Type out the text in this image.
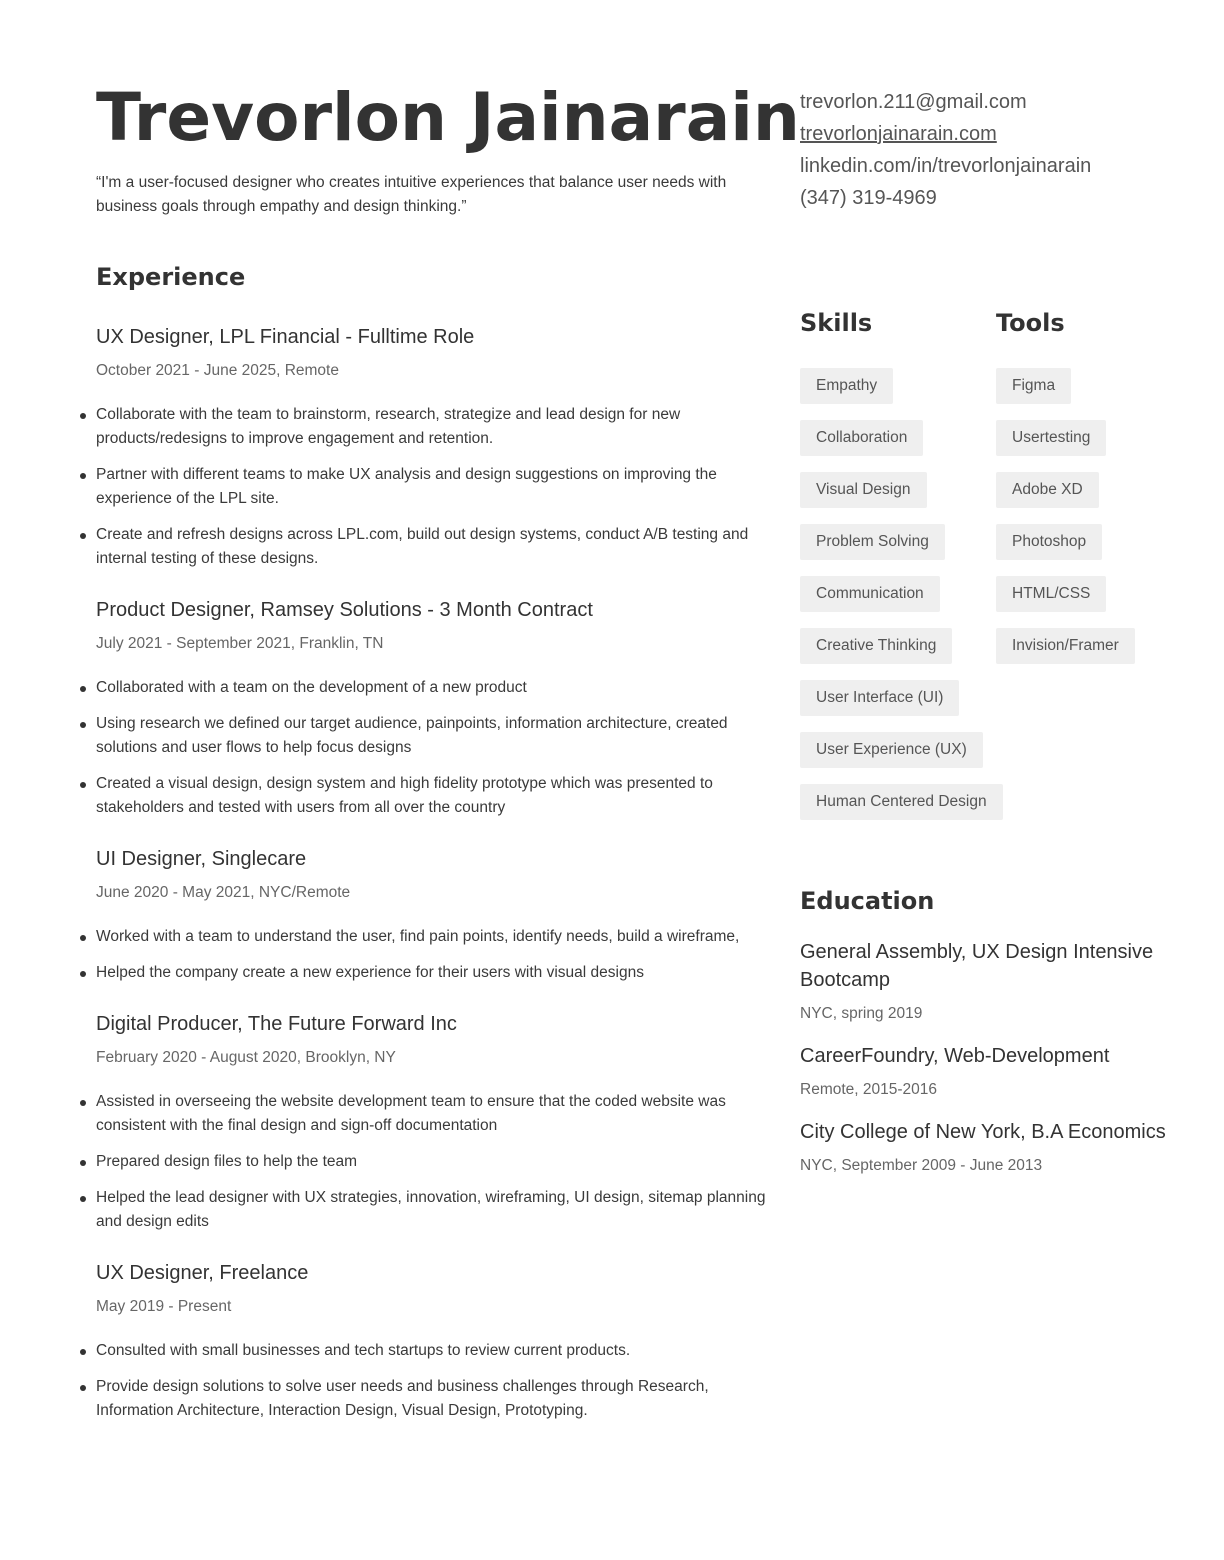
Trevorlon Jainarain

“I'm a user-focused designer who creates intuitive experiences that balance user needs with business goals through empathy and design thinking.”

trevorlon.211@gmail.com
trevorlonjainarain.com
linkedin.com/in/trevorlonjainarain
(347) 319-4969
Experience

UX Designer, LPL Financial - Fulltime Role

October 2021 - June 2025, Remote
Collaborate with the team to brainstorm, research, strategize and lead design for new products/redesigns to improve engagement and retention.
Partner with different teams to make UX analysis and design suggestions on improving the experience of the LPL site.
Create and refresh designs across LPL.com, build out design systems, conduct A/B testing and internal testing of these designs.

Product Designer, Ramsey Solutions - 3 Month Contract

July 2021 - September 2021, Franklin, TN
Collaborated with a team on the development of a new product
Using research we defined our target audience, painpoints, information architecture, created solutions and user flows to help focus designs
Created a visual design, design system and high fidelity prototype which was presented to stakeholders and tested with users from all over the country

UI Designer, Singlecare

June 2020 - May 2021, NYC/Remote
Worked with a team to understand the user, find pain points, identify needs, build a wireframe,
Helped the company create a new experience for their users with visual designs

Digital Producer, The Future Forward Inc

February 2020 - August 2020, Brooklyn, NY
Assisted in overseeing the website development team to ensure that the coded website was consistent with the final design and sign-off documentation
Prepared design files to help the team
Helped the lead designer with UX strategies, innovation, wireframing, UI design, sitemap planning and design edits

UX Designer, Freelance

May 2019 - Present
Consulted with small businesses and tech startups to review current products.
Provide design solutions to solve user needs and business challenges through Research, Information Architecture, Interaction Design, Visual Design, Prototyping.
Skills
Empathy
Collaboration
Visual Design
Problem Solving
Communication
Creative Thinking
User Interface (UI)
User Experience (UX)
Human Centered Design
Tools
Figma
Usertesting
Adobe XD
Photoshop
HTML/CSS
Invision/Framer
Education
General Assembly, UX Design Intensive Bootcamp
NYC, spring 2019
CareerFoundry, Web-Development
Remote, 2015-2016
City College of New York, B.A Economics
NYC, September 2009 - June 2013
